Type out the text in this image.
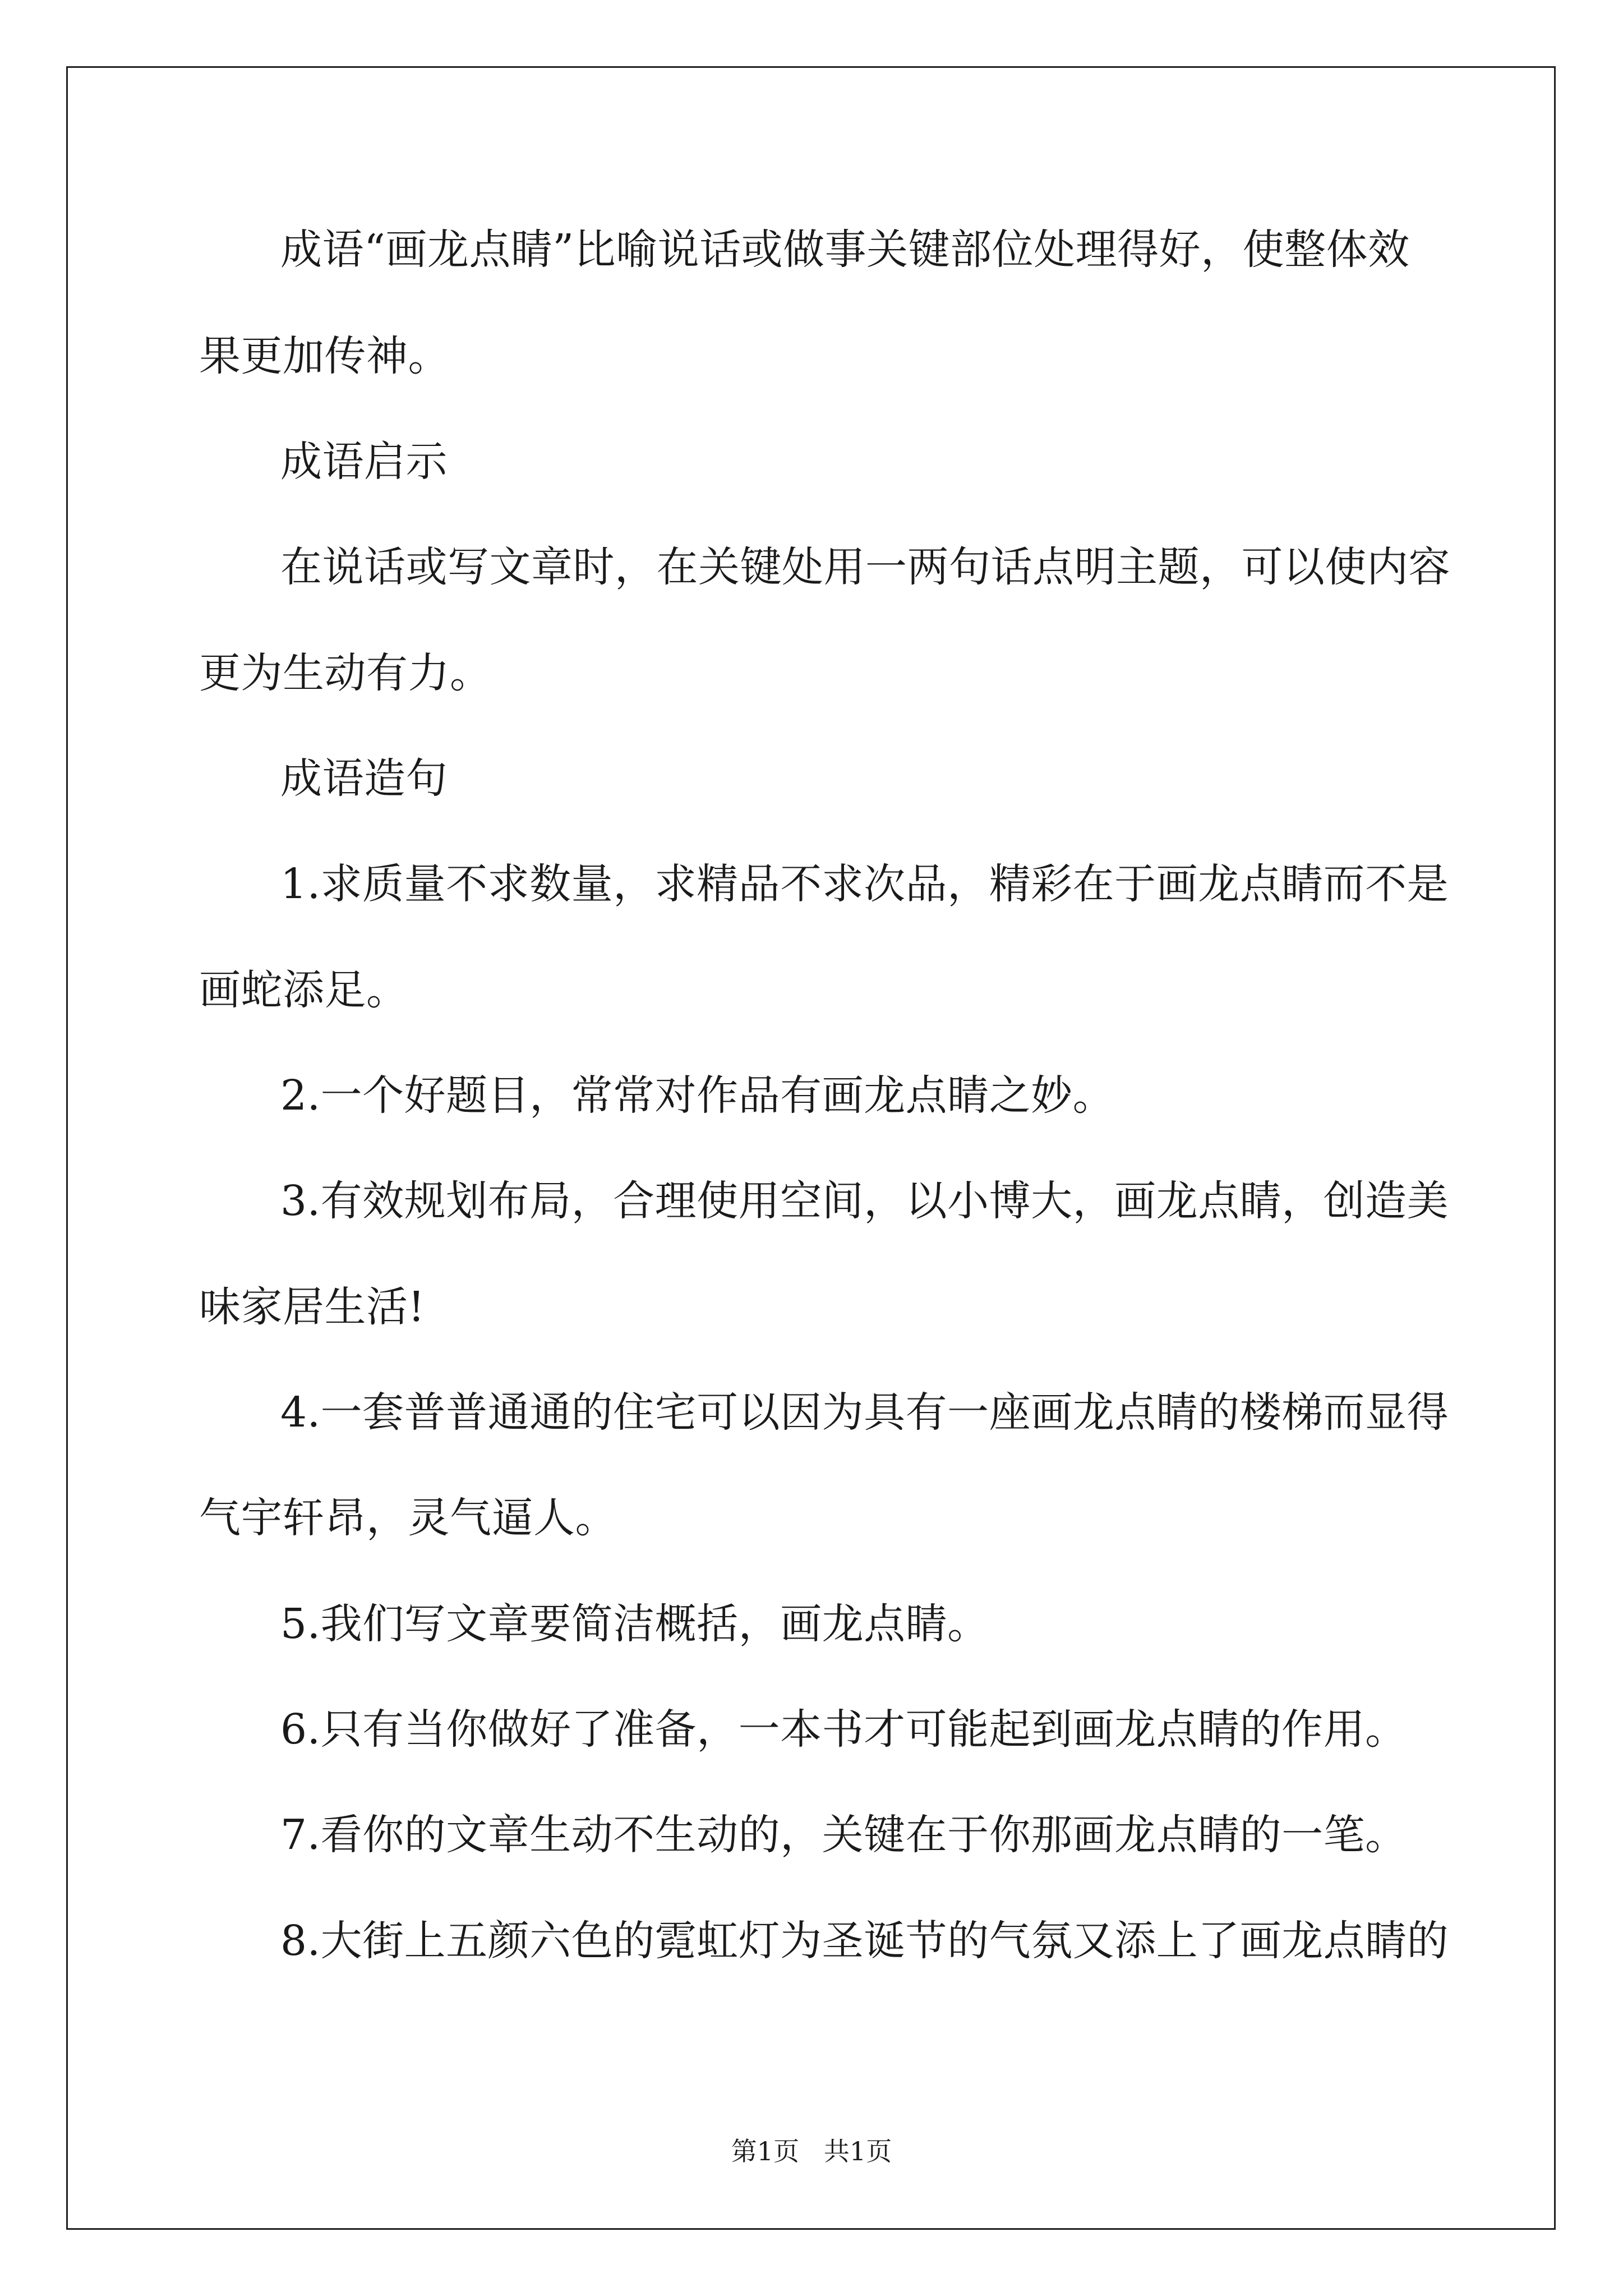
成语“画龙点睛”比喻说话或做事关键部位处理得好，使整体效
果更加传神。
成语启示
在说话或写文章时，在关键处用一两句话点明主题，可以使内容
更为生动有力。
成语造句
1.求质量不求数量，求精品不求次品，精彩在于画龙点睛而不是
画蛇添足。
2.一个好题目，常常对作品有画龙点睛之妙。
3.有效规划布局，合理使用空间，以小博大，画龙点睛，创造美
味家居生活!
4.一套普普通通的住宅可以因为具有一座画龙点睛的楼梯而显得
气宇轩昂，灵气逼人。
5.我们写文章要简洁概括，画龙点睛。
6.只有当你做好了准备，一本书才可能起到画龙点睛的作用。
7.看你的文章生动不生动的，关键在于你那画龙点睛的一笔。
8.大街上五颜六色的霓虹灯为圣诞节的气氛又添上了画龙点睛的
第1页   共1页
